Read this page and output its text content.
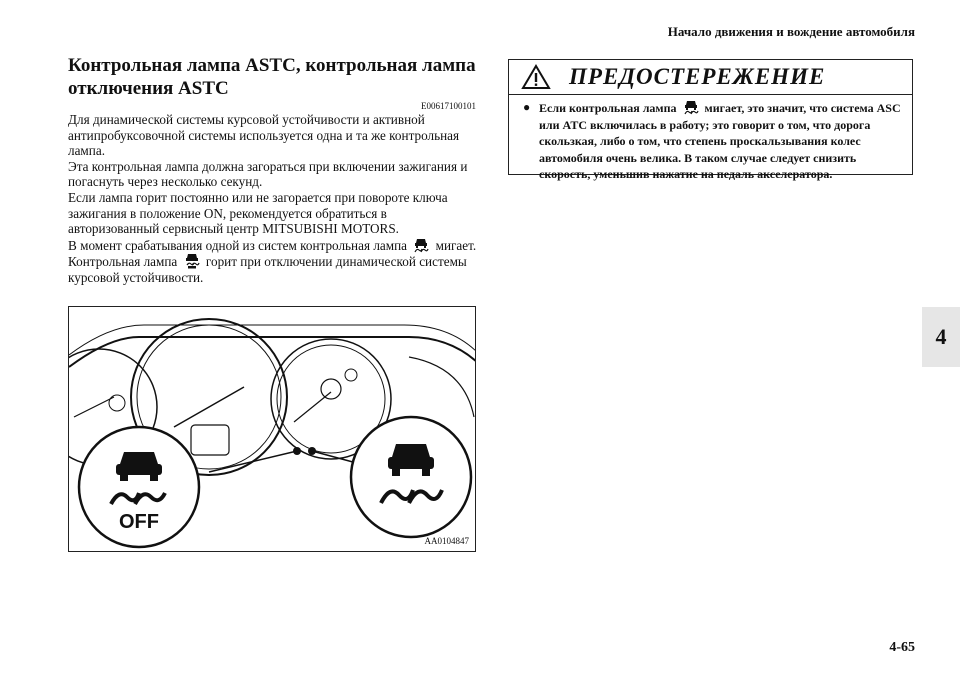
Начало движения и вождение автомобиля
4
4-65
Контрольная лампа ASTC, контрольная лампа отключения ASTC
E00617100101

Для динамической системы курсовой устойчивости и активной антипробуксовочной системы используется одна и та же контрольная лампа.

Эта контрольная лампа должна загораться при включении зажигания и погаснуть через несколько секунд.

Если лампа горит постоянно или не загорается при повороте ключа зажигания в положение ON, рекомендуется обратиться в авторизованный сервисный центр MITSUBISHI MOTORS.

В момент срабатывания одной из систем контрольная лампа мигает.

Контрольная лампа горит при отключении динамической системы курсовой устойчивости.

OFF
AA0104847
ПРЕДОСТЕРЕЖЕНИЕ
● Если контрольная лампа мигает, это значит, что система ASC или ATC включилась в работу; это говорит о том, что дорога скользкая, либо о том, что степень проскальзывания колес автомобиля очень велика. В таком случае следует снизить скорость, уменьшив нажатие на педаль акселератора.
